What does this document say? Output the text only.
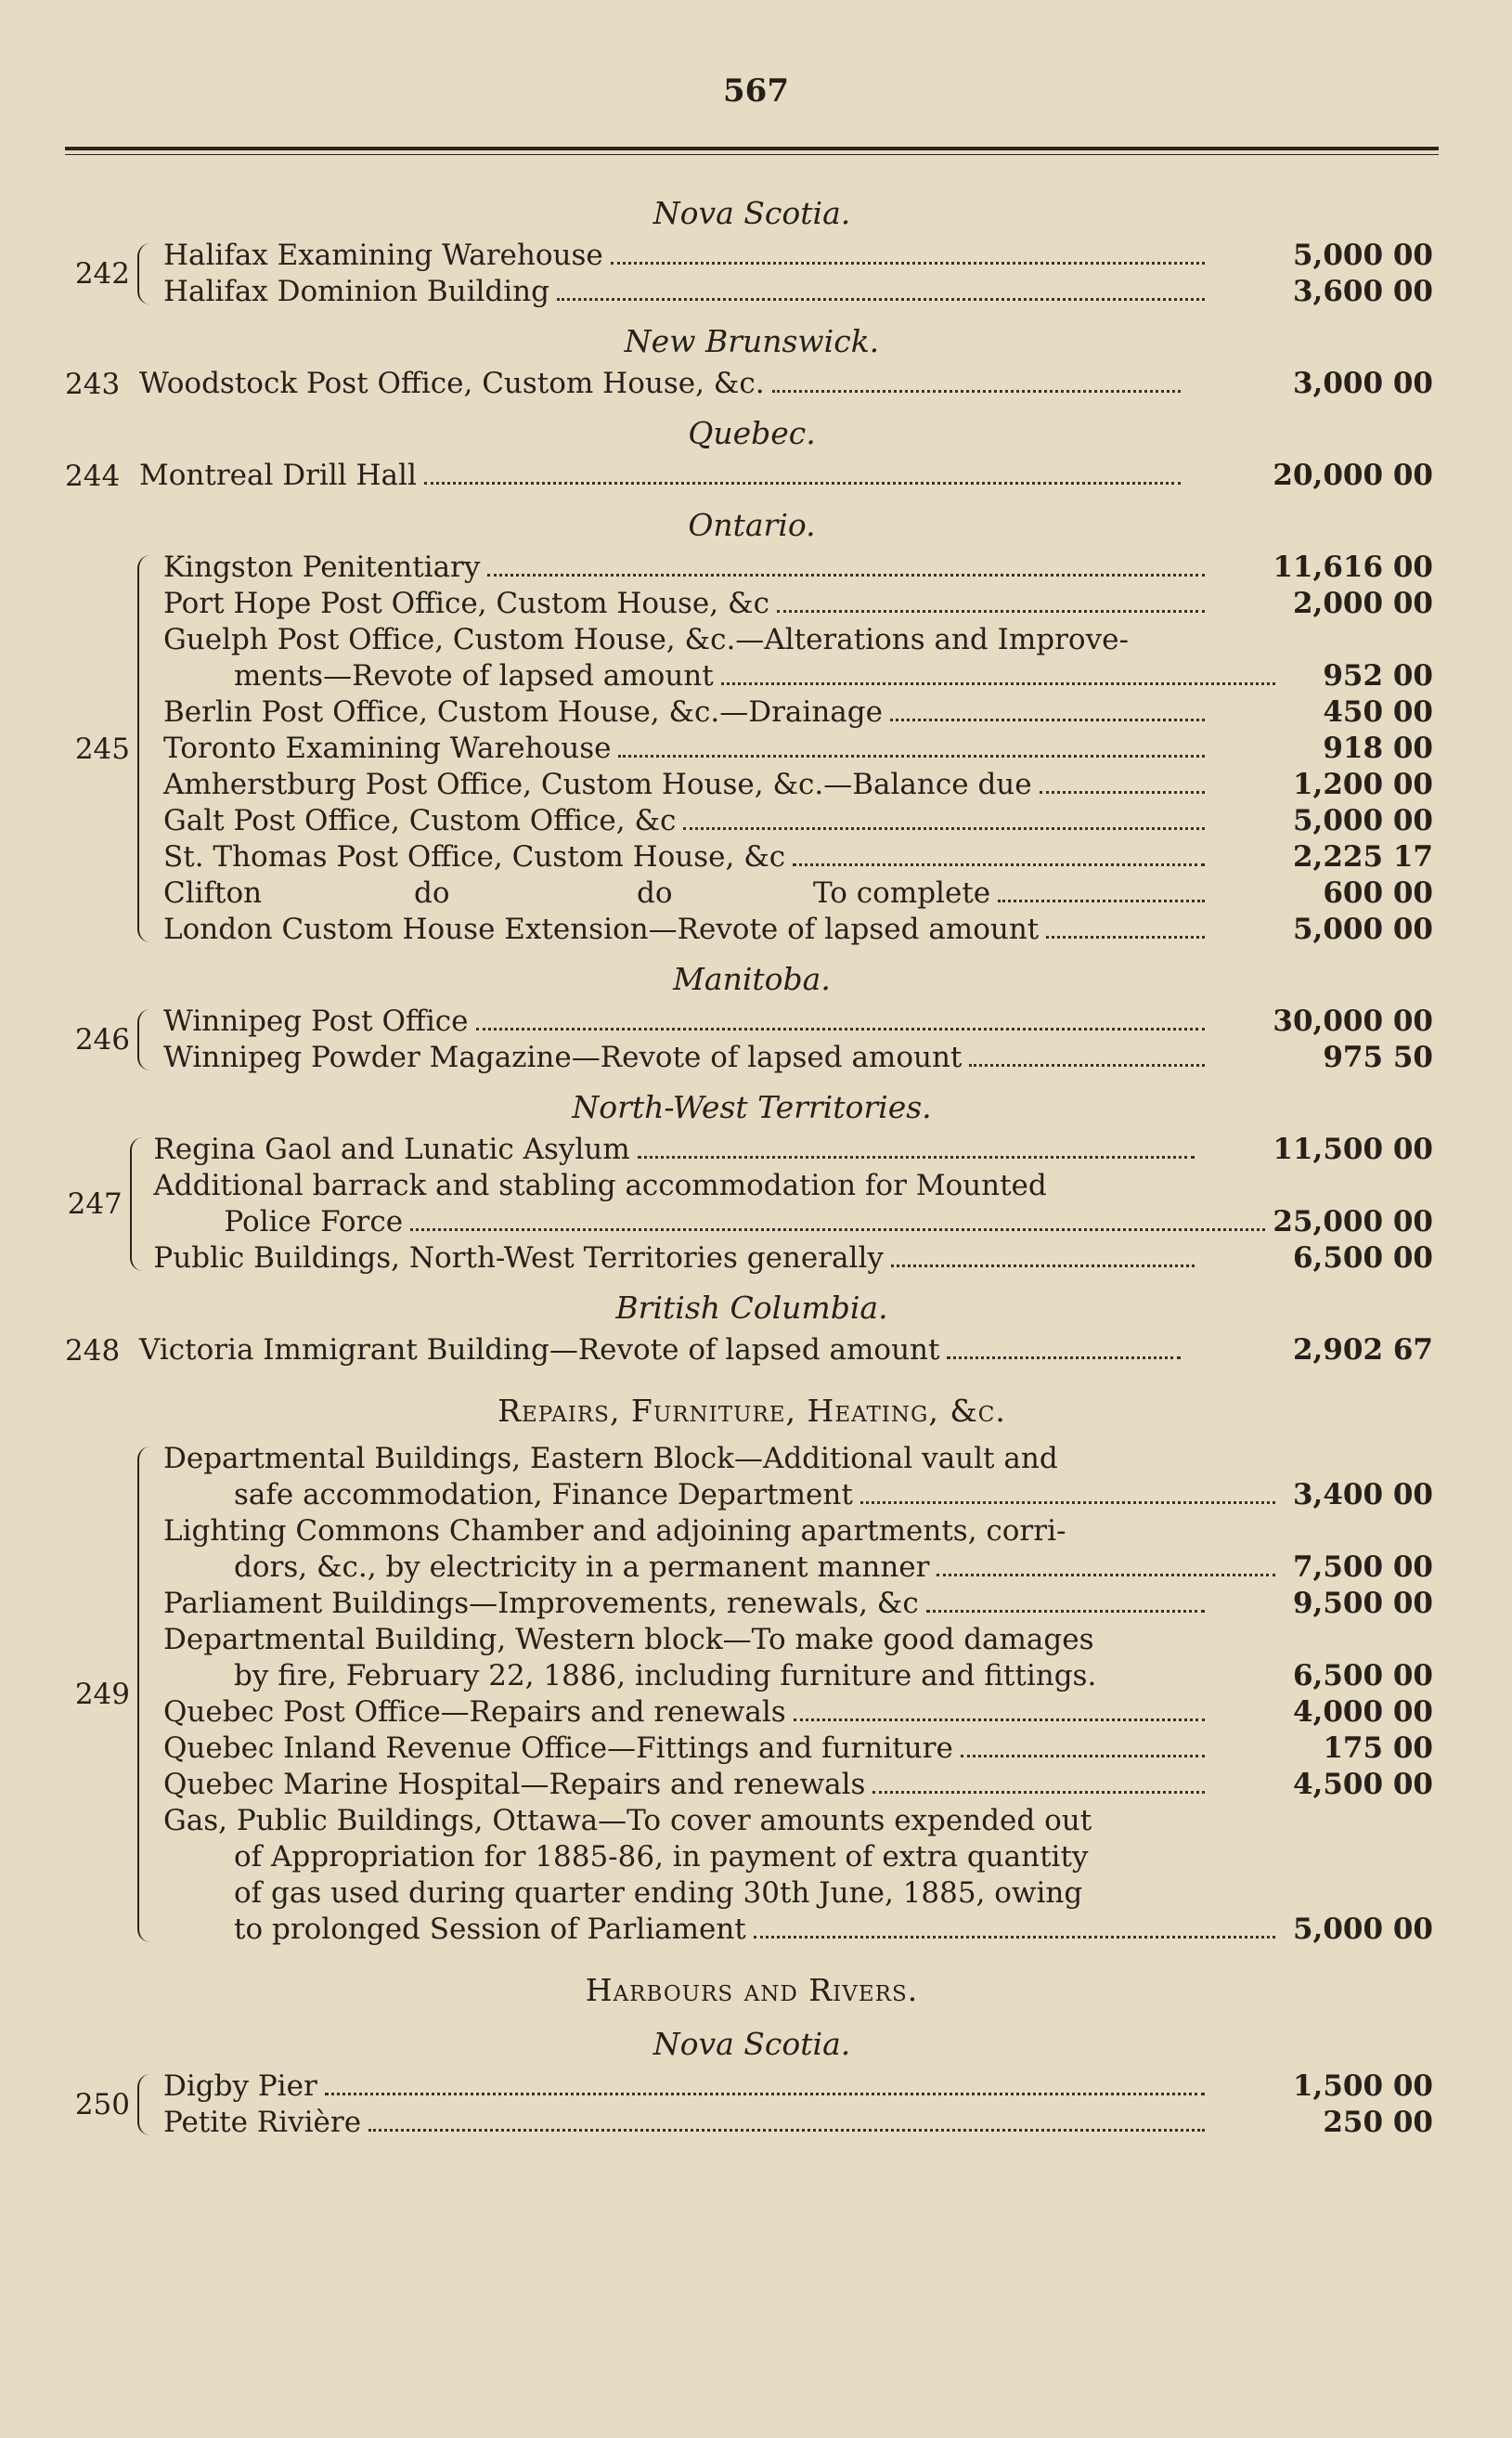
567
Nova Scotia.
242
Halifax Examining Warehouse	5,000 00
Halifax Dominion Building	3,600 00
New Brunswick.
243 Woodstock Post Office, Custom House, &c.	3,000 00
Quebec.
244 Montreal Drill Hall	20,000 00
Ontario.
245
Kingston Penitentiary	11,616 00
Port Hope Post Office, Custom House, &c	2,000 00
Guelph Post Office, Custom House, &c.—Alterations and Improve-
ments—Revote of lapsed amount	952 00
Berlin Post Office, Custom House, &c.—Drainage	450 00
Toronto Examining Warehouse	918 00
Amherstburg Post Office, Custom House, &c.—Balance due	1,200 00
Galt Post Office, Custom Office, &c	5,000 00
St. Thomas Post Office, Custom House, &c	2,225 17
Clifton	do	do	To complete	600 00
London Custom House Extension—Revote of lapsed amount	5,000 00
Manitoba.
246
Winnipeg Post Office	30,000 00
Winnipeg Powder Magazine—Revote of lapsed amount	975 50
North-West Territories.
247
Regina Gaol and Lunatic Asylum	11,500 00
Additional barrack and stabling accommodation for Mounted
Police Force	25,000 00
Public Buildings, North-West Territories generally	6,500 00
British Columbia.
248 Victoria Immigrant Building—Revote of lapsed amount	2,902 67
Repairs, Furniture, Heating, &c.
249
Departmental Buildings, Eastern Block—Additional vault and
safe accommodation, Finance Department	3,400 00
Lighting Commons Chamber and adjoining apartments, corri-
dors, &c., by electricity in a permanent manner	7,500 00
Parliament Buildings—Improvements, renewals, &c	9,500 00
Departmental Building, Western block—To make good damages
by fire, February 22, 1886, including furniture and fittings.	6,500 00
Quebec Post Office—Repairs and renewals	4,000 00
Quebec Inland Revenue Office—Fittings and furniture	175 00
Quebec Marine Hospital—Repairs and renewals	4,500 00
Gas, Public Buildings, Ottawa—To cover amounts expended out
of Appropriation for 1885-86, in payment of extra quantity
of gas used during quarter ending 30th June, 1885, owing
to prolonged Session of Parliament	5,000 00
Harbours and Rivers.
Nova Scotia.
250
Digby Pier	1,500 00
Petite Rivière	250 00
